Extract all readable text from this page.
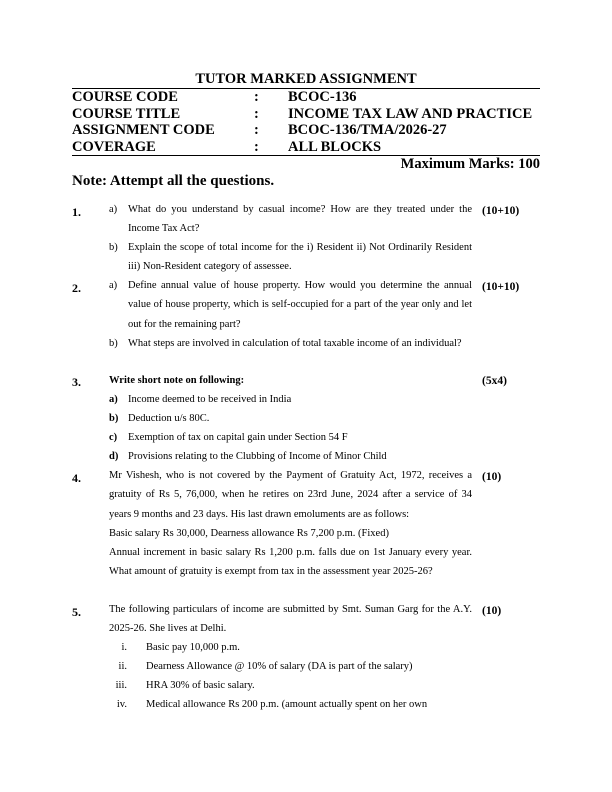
TUTOR MARKED ASSIGNMENT
COURSE CODE	: BCOC-136
COURSE TITLE	: INCOME TAX LAW AND PRACTICE
ASSIGNMENT CODE	: BCOC-136/TMA/2026-27
COVERAGE	: ALL BLOCKS
Maximum Marks: 100
Note: Attempt all the questions.
1.	(10+10)
a) What do you understand by casual income? How are they treated under the Income Tax Act?
b) Explain the scope of total income for the i) Resident ii) Not Ordinarily Resident iii) Non-Resident category of assessee.
2.	(10+10)
a) Define annual value of house property. How would you determine the annual value of house property, which is self-occupied for a part of the year only and let out for the remaining part?
b) What steps are involved in calculation of total taxable income of an individual?
3.	(5x4)
Write short note on following:
a) Income deemed to be received in India
b) Deduction u/s 80C.
c) Exemption of tax on capital gain under Section 54 F
d) Provisions relating to the Clubbing of Income of Minor Child
4.	(10)
Mr Vishesh, who is not covered by the Payment of Gratuity Act, 1972, receives a gratuity of Rs 5, 76,000, when he retires on 23rd June, 2024 after a service of 34 years 9 months and 23 days. His last drawn emoluments are as follows:
Basic salary Rs 30,000, Dearness allowance Rs 7,200 p.m. (Fixed)
Annual increment in basic salary Rs 1,200 p.m. falls due on 1st January every year. What amount of gratuity is exempt from tax in the assessment year 2025-26?
5.	(10)
The following particulars of income are submitted by Smt. Suman Garg for the A.Y. 2025-26. She lives at Delhi.
i. Basic pay 10,000 p.m.
ii. Dearness Allowance @ 10% of salary (DA is part of the salary)
iii. HRA 30% of basic salary.
iv. Medical allowance Rs 200 p.m. (amount actually spent on her own
